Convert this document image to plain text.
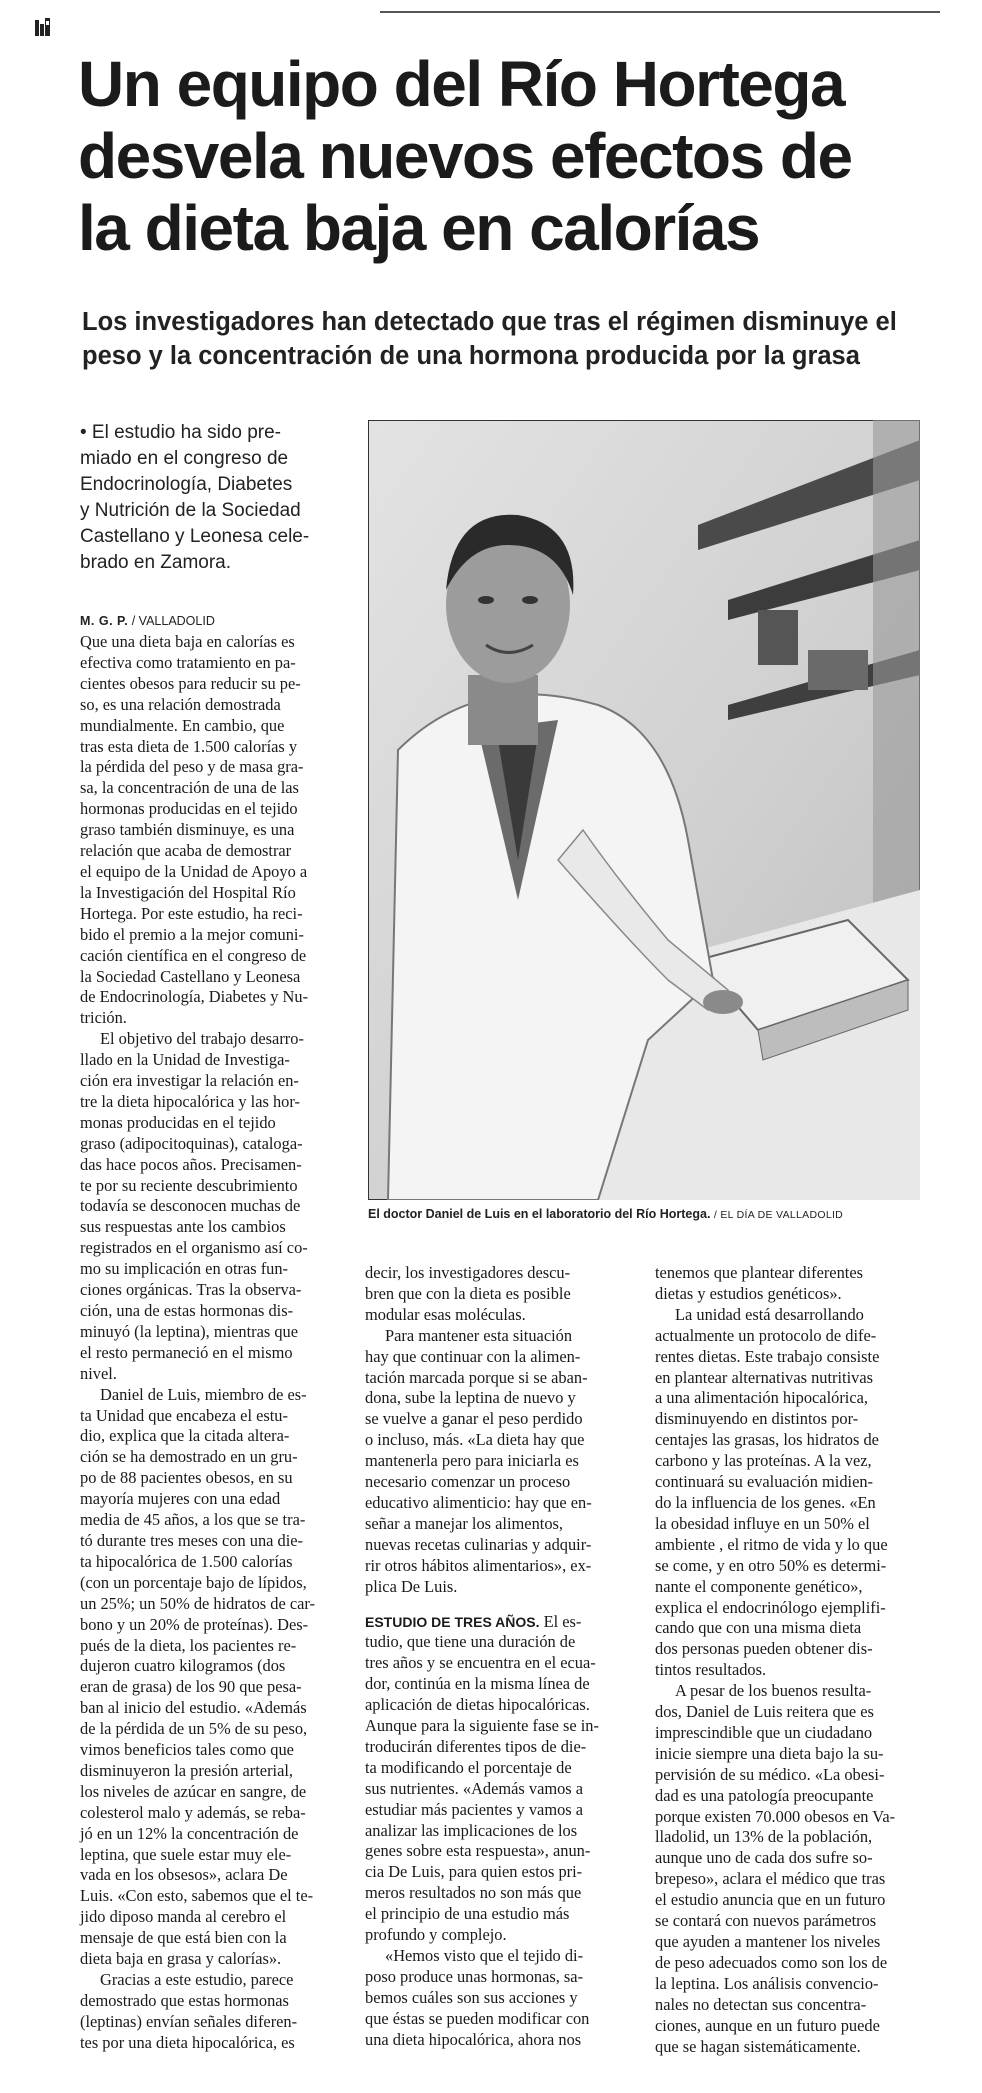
Un equipo del Río Hortega
desvela nuevos efectos de
la dieta baja en calorías
Los investigadores han detectado que tras el régimen disminuye el
peso y la concentración de una hormona producida por la grasa
• El estudio ha sido pre-
miado en el congreso de
Endocrinología, Diabetes
y Nutrición de la Sociedad
Castellano y Leonesa cele-
brado en Zamora.
M. G. P. / VALLADOLID
El doctor Daniel de Luis en el laboratorio del Río Hortega. / EL DÍA DE VALLADOLID

Que una dieta baja en calorías es
efectiva como tratamiento en pa-
cientes obesos para reducir su pe-
so, es una relación demostrada
mundialmente. En cambio, que
tras esta dieta de 1.500 calorías y
la pérdida del peso y de masa gra-
sa, la concentración de una de las
hormonas producidas en el tejido
graso también disminuye, es una
relación que acaba de demostrar
el equipo de la Unidad de Apoyo a
la Investigación del Hospital Río
Hortega. Por este estudio, ha reci-
bido el premio a la mejor comuni-
cación científica en el congreso de
la Sociedad Castellano y Leonesa
de Endocrinología, Diabetes y Nu-
trición.

El objetivo del trabajo desarro-
llado en la Unidad de Investiga-
ción era investigar la relación en-
tre la dieta hipocalórica y las hor-
monas producidas en el tejido
graso (adipocitoquinas), cataloga-
das hace pocos años. Precisamen-
te por su reciente descubrimiento
todavía se desconocen muchas de
sus respuestas ante los cambios
registrados en el organismo así co-
mo su implicación en otras fun-
ciones orgánicas. Tras la observa-
ción, una de estas hormonas dis-
minuyó (la leptina), mientras que
el resto permaneció en el mismo
nivel.

Daniel de Luis, miembro de es-
ta Unidad que encabeza el estu-
dio, explica que la citada altera-
ción se ha demostrado en un gru-
po de 88 pacientes obesos, en su
mayoría mujeres con una edad
media de 45 años, a los que se tra-
tó durante tres meses con una die-
ta hipocalórica de 1.500 calorías
(con un porcentaje bajo de lípidos,
un 25%; un 50% de hidratos de car-
bono y un 20% de proteínas). Des-
pués de la dieta, los pacientes re-
dujeron cuatro kilogramos (dos
eran de grasa) de los 90 que pesa-
ban al inicio del estudio. «Además
de la pérdida de un 5% de su peso,
vimos beneficios tales como que
disminuyeron la presión arterial,
los niveles de azúcar en sangre, de
colesterol malo y además, se reba-
jó en un 12% la concentración de
leptina, que suele estar muy ele-
vada en los obsesos», aclara De
Luis. «Con esto, sabemos que el te-
jido diposo manda al cerebro el
mensaje de que está bien con la
dieta baja en grasa y calorías».

Gracias a este estudio, parece
demostrado que estas hormonas
(leptinas) envían señales diferen-
tes por una dieta hipocalórica, es

decir, los investigadores descu-
bren que con la dieta es posible
modular esas moléculas.

Para mantener esta situación
hay que continuar con la alimen-
tación marcada porque si se aban-
dona, sube la leptina de nuevo y
se vuelve a ganar el peso perdido
o incluso, más. «La dieta hay que
mantenerla pero para iniciarla es
necesario comenzar un proceso
educativo alimenticio: hay que en-
señar a manejar los alimentos,
nuevas recetas culinarias y adquir-
rir otros hábitos alimentarios», ex-
plica De Luis.

ESTUDIO DE TRES AÑOS. El es-
tudio, que tiene una duración de
tres años y se encuentra en el ecua-
dor, continúa en la misma línea de
aplicación de dietas hipocalóricas.
Aunque para la siguiente fase se in-
troducirán diferentes tipos de die-
ta modificando el porcentaje de
sus nutrientes. «Además vamos a
estudiar más pacientes y vamos a
analizar las implicaciones de los
genes sobre esta respuesta», anun-
cia De Luis, para quien estos pri-
meros resultados no son más que
el principio de una estudio más
profundo y complejo.

«Hemos visto que el tejido di-
poso produce unas hormonas, sa-
bemos cuáles son sus acciones y
que éstas se pueden modificar con
una dieta hipocalórica, ahora nos

tenemos que plantear diferentes
dietas y estudios genéticos».

La unidad está desarrollando
actualmente un protocolo de dife-
rentes dietas. Este trabajo consiste
en plantear alternativas nutritivas
a una alimentación hipocalórica,
disminuyendo en distintos por-
centajes las grasas, los hidratos de
carbono y las proteínas. A la vez,
continuará su evaluación midien-
do la influencia de los genes. «En
la obesidad influye en un 50% el
ambiente , el ritmo de vida y lo que
se come, y en otro 50% es determi-
nante el componente genético»,
explica el endocrinólogo ejemplifi-
cando que con una misma dieta
dos personas pueden obtener dis-
tintos resultados.

A pesar de los buenos resulta-
dos, Daniel de Luis reitera que es
imprescindible que un ciudadano
inicie siempre una dieta bajo la su-
pervisión de su médico. «La obesi-
dad es una patología preocupante
porque existen 70.000 obesos en Va-
lladolid, un 13% de la población,
aunque uno de cada dos sufre so-
brepeso», aclara el médico que tras
el estudio anuncia que en un futuro
se contará con nuevos parámetros
que ayuden a mantener los niveles
de peso adecuados como son los de
la leptina. Los análisis convencio-
nales no detectan sus concentra-
ciones, aunque en un futuro puede
que se hagan sistemáticamente.
